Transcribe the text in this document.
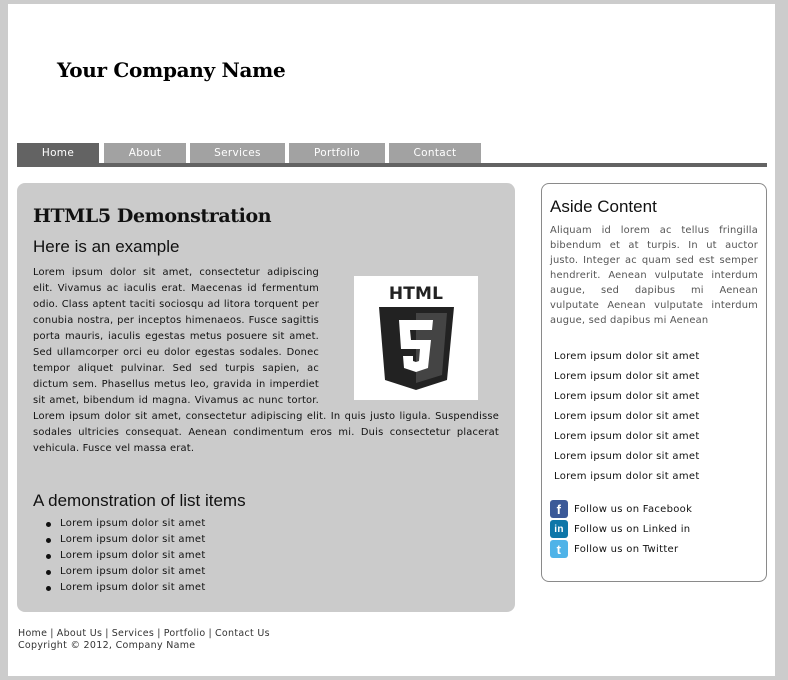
Your Company Name
Home	About	Services	Portfolio	Contact
HTML5 Demonstration
Here is an example
HTML
Lorem ipsum dolor sit amet, consectetur adipiscing elit. Vivamus ac iaculis erat. Maecenas id fermentum odio. Class aptent taciti sociosqu ad litora torquent per conubia nostra, per inceptos himenaeos. Fusce sagittis porta mauris, iaculis egestas metus posuere sit amet. Sed ullamcorper orci eu dolor egestas sodales. Donec tempor aliquet pulvinar. Sed sed turpis sapien, ac dictum sem. Phasellus metus leo, gravida in imperdiet sit amet, bibendum id magna. Vivamus ac nunc tortor. Lorem ipsum dolor sit amet, consectetur adipiscing elit. In quis justo ligula. Suspendisse sodales ultricies consequat. Aenean condimentum eros mi. Duis consectetur placerat vehicula. Fusce vel massa erat.
A demonstration of list items
Lorem ipsum dolor sit amet
Lorem ipsum dolor sit amet
Lorem ipsum dolor sit amet
Lorem ipsum dolor sit amet
Lorem ipsum dolor sit amet
Aside Content

Aliquam id lorem ac tellus fringilla bibendum et at turpis. In ut auctor justo. Integer ac quam sed est semper hendrerit. Aenean vulputate interdum augue, sed dapibus mi Aenean vulputate Aenean vulputate interdum augue, sed dapibus mi Aenean

Lorem ipsum dolor sit amet
Lorem ipsum dolor sit amet
Lorem ipsum dolor sit amet
Lorem ipsum dolor sit amet
Lorem ipsum dolor sit amet
Lorem ipsum dolor sit amet
Lorem ipsum dolor sit amet
f	Follow us on Facebook
in	Follow us on Linked in
t	Follow us on Twitter
Home | About Us | Services | Portfolio | Contact Us
Copyright © 2012, Company Name
